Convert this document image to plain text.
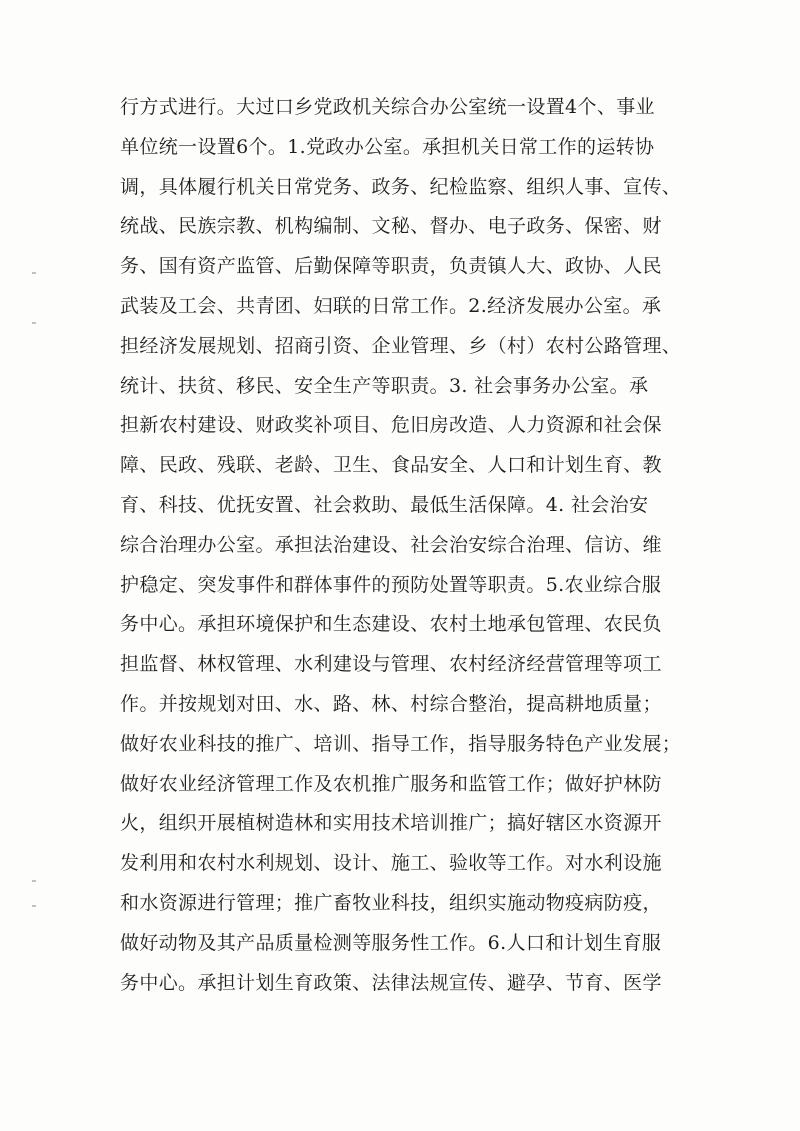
行方式进行。大过口乡党政机关综合办公室统一设置4个、事业
单位统一设置6个。1.党政办公室。承担机关日常工作的运转协
调，具体履行机关日常党务、政务、纪检监察、组织人事、宣传、
统战、民族宗教、机构编制、文秘、督办、电子政务、保密、财
务、国有资产监管、后勤保障等职责，负责镇人大、政协、人民
武装及工会、共青团、妇联的日常工作。2.经济发展办公室。承
担经济发展规划、招商引资、企业管理、乡（村）农村公路管理、
统计、扶贫、移民、安全生产等职责。3. 社会事务办公室。承
担新农村建设、财政奖补项目、危旧房改造、人力资源和社会保
障、民政、残联、老龄、卫生、食品安全、人口和计划生育、教
育、科技、优抚安置、社会救助、最低生活保障。4. 社会治安
综合治理办公室。承担法治建设、社会治安综合治理、信访、维
护稳定、突发事件和群体事件的预防处置等职责。5.农业综合服
务中心。承担环境保护和生态建设、农村土地承包管理、农民负
担监督、林权管理、水利建设与管理、农村经济经营管理等项工
作。并按规划对田、水、路、林、村综合整治，提高耕地质量；
做好农业科技的推广、培训、指导工作，指导服务特色产业发展；
做好农业经济管理工作及农机推广服务和监管工作；做好护林防
火，组织开展植树造林和实用技术培训推广；搞好辖区水资源开
发利用和农村水利规划、设计、施工、验收等工作。对水利设施
和水资源进行管理；推广畜牧业科技，组织实施动物疫病防疫，
做好动物及其产品质量检测等服务性工作。6.人口和计划生育服
务中心。承担计划生育政策、法律法规宣传、避孕、节育、医学
